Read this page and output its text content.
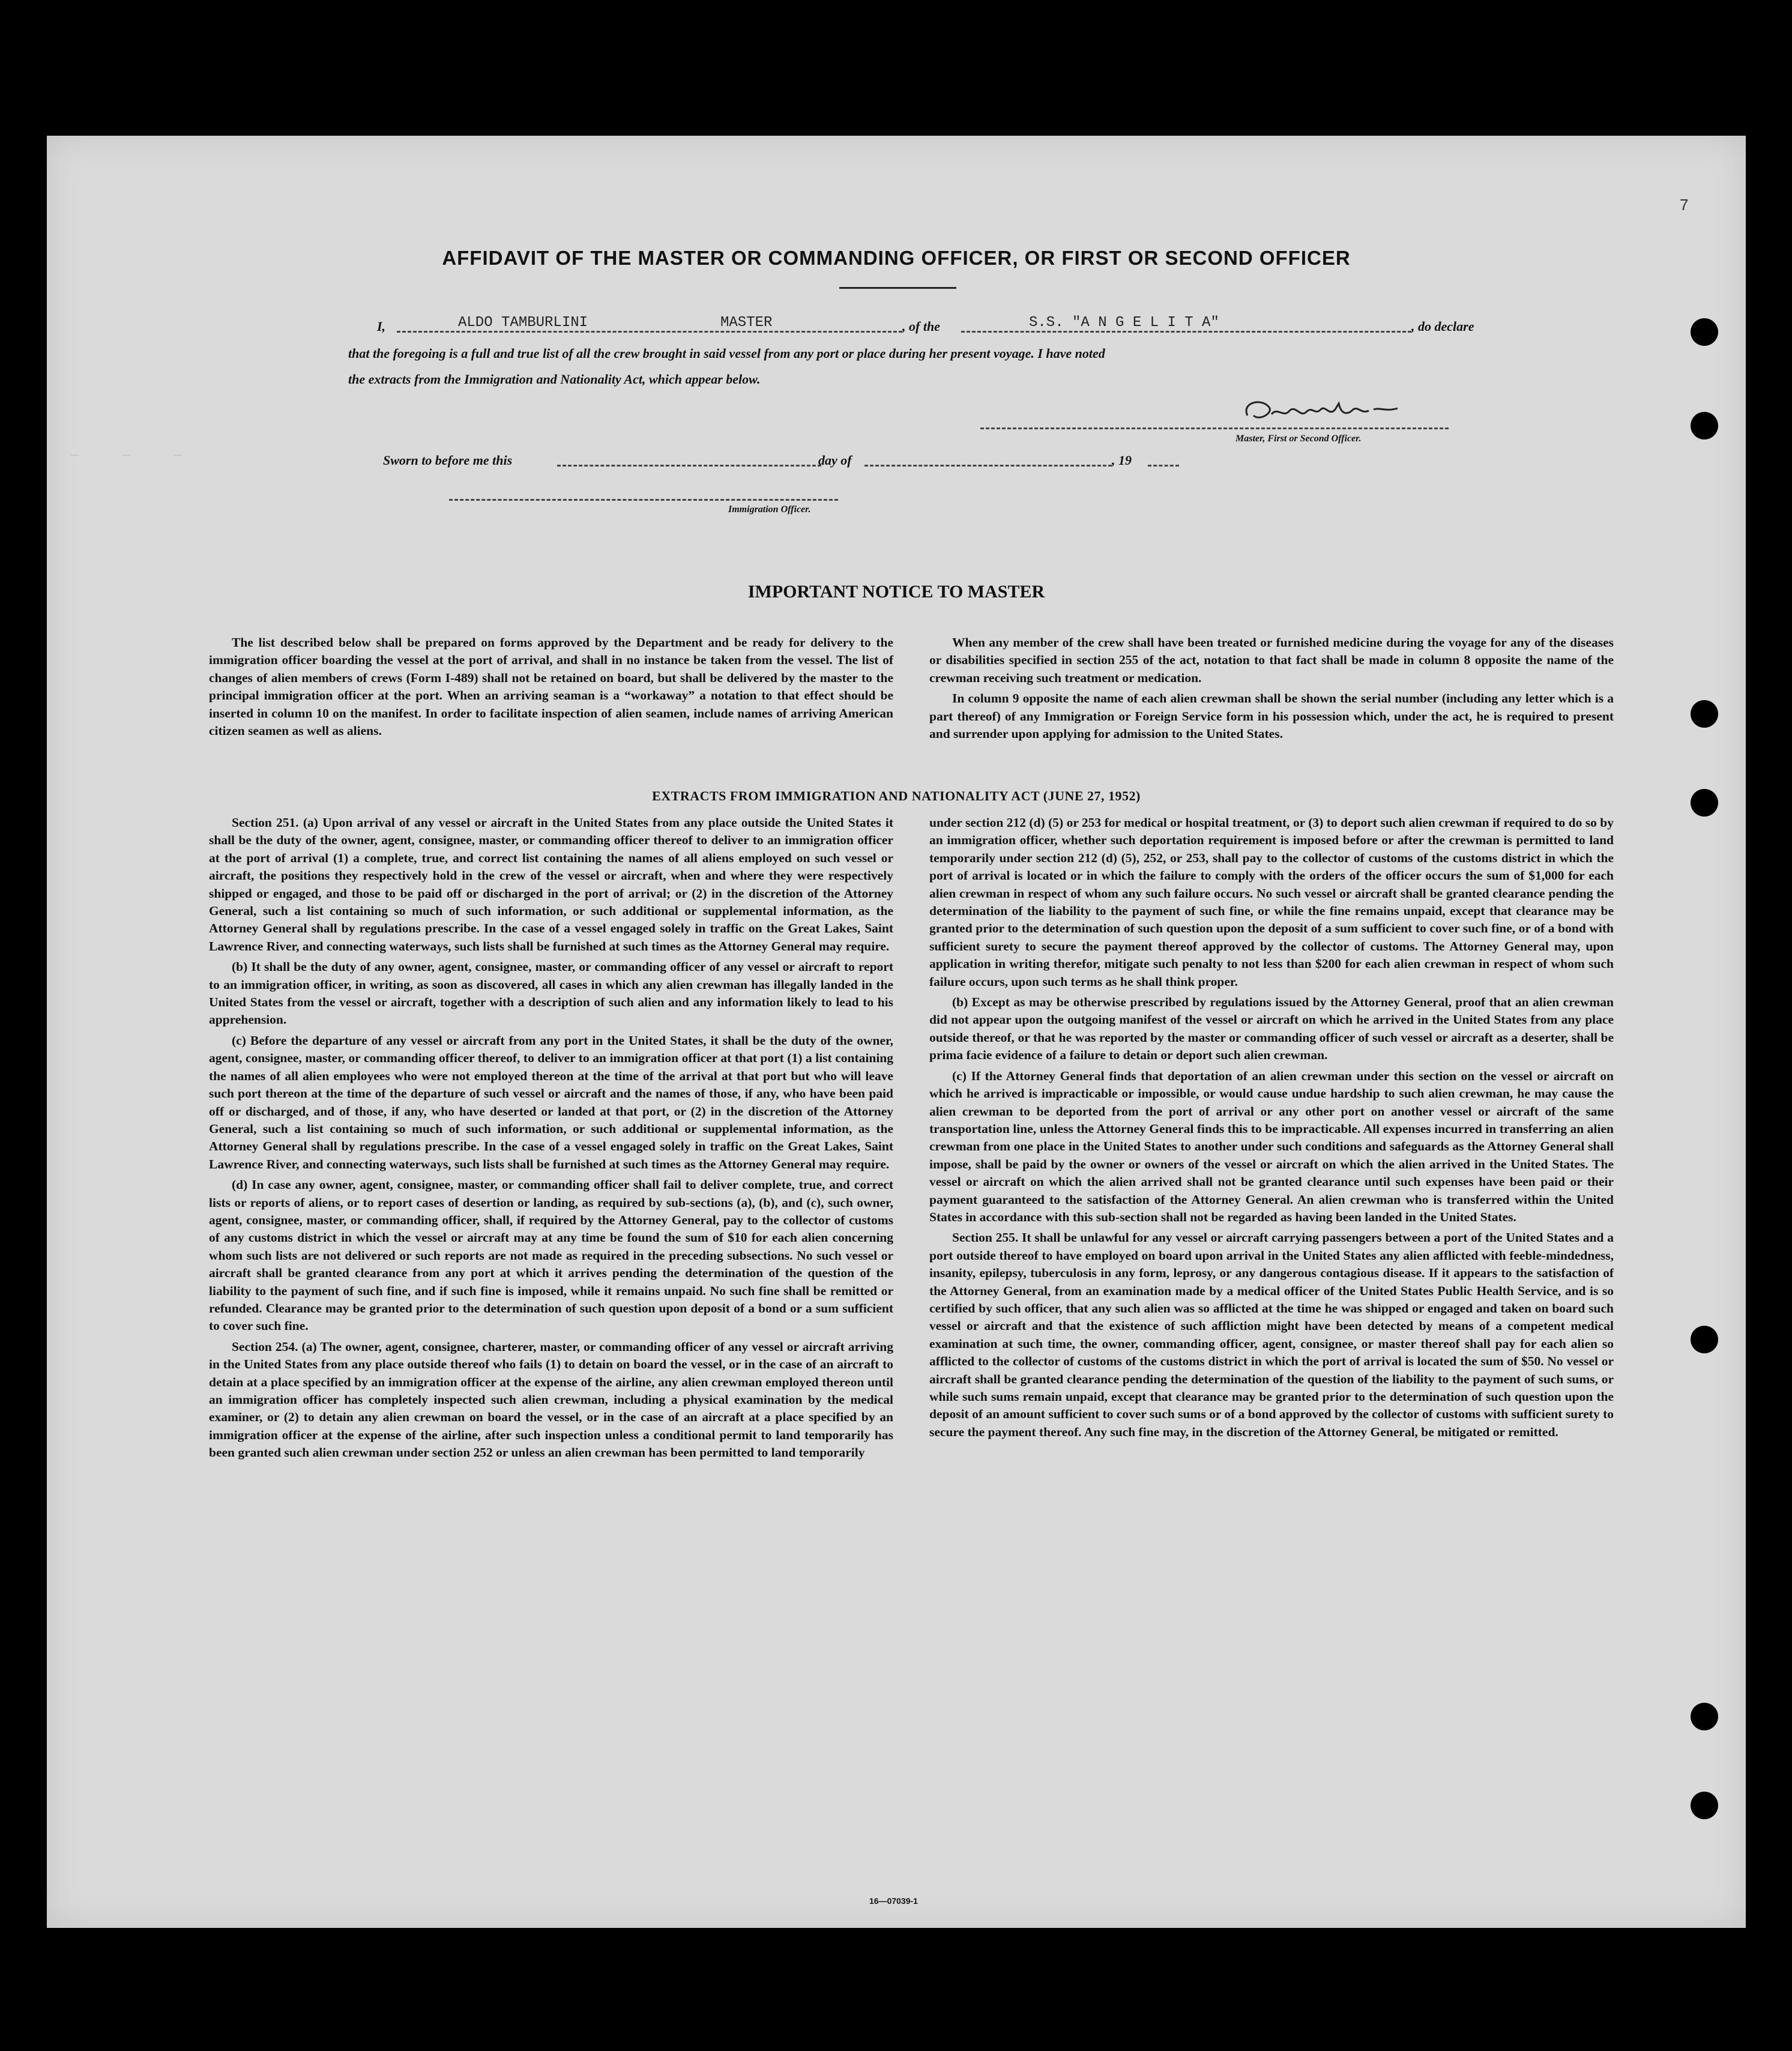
—    —    —
7
AFFIDAVIT OF THE MASTER OR COMMANDING OFFICER, OR FIRST OR SECOND OFFICER
I,	ALDO TAMBURLINI	MASTER	, of the	S.S. "A N G E L I T A"	, do declare
that the foregoing is a full and true list of all the crew brought in said vessel from any port or place during her present voyage. I have noted
the extracts from the Immigration and Nationality Act, which appear below.
Master, First or Second Officer.
Sworn to before me this	day of	, 19
Immigration Officer.
IMPORTANT NOTICE TO MASTER

The list described below shall be prepared on forms approved by the Department and be ready for delivery to the immigration officer boarding the vessel at the port of arrival, and shall in no instance be taken from the vessel. The list of changes of alien members of crews (Form I-489) shall not be retained on board, but shall be delivered by the master to the principal immigration officer at the port. When an arriving seaman is a “workaway” a notation to that effect should be inserted in column 10 on the manifest. In order to facilitate inspection of alien seamen, include names of arriving American citizen seamen as well as aliens.

When any member of the crew shall have been treated or furnished medicine during the voyage for any of the diseases or disabilities specified in section 255 of the act, notation to that fact shall be made in column 8 opposite the name of the crewman receiving such treatment or medication.

In column 9 opposite the name of each alien crewman shall be shown the serial number (including any letter which is a part thereof) of any Immigration or Foreign Service form in his possession which, under the act, he is required to present and surrender upon applying for admission to the United States.

EXTRACTS FROM IMMIGRATION AND NATIONALITY ACT (JUNE 27, 1952)

Section 251. (a) Upon arrival of any vessel or aircraft in the United States from any place outside the United States it shall be the duty of the owner, agent, consignee, master, or commanding officer thereof to deliver to an immigration officer at the port of arrival (1) a complete, true, and correct list containing the names of all aliens employed on such vessel or aircraft, the positions they respectively hold in the crew of the vessel or aircraft, when and where they were respectively shipped or engaged, and those to be paid off or discharged in the port of arrival; or (2) in the discretion of the Attorney General, such a list containing so much of such information, or such additional or supplemental information, as the Attorney General shall by regulations prescribe. In the case of a vessel engaged solely in traffic on the Great Lakes, Saint Lawrence River, and connecting waterways, such lists shall be furnished at such times as the Attorney General may require.

(b) It shall be the duty of any owner, agent, consignee, master, or commanding officer of any vessel or aircraft to report to an immigration officer, in writing, as soon as discovered, all cases in which any alien crewman has illegally landed in the United States from the vessel or aircraft, together with a description of such alien and any information likely to lead to his apprehension.

(c) Before the departure of any vessel or aircraft from any port in the United States, it shall be the duty of the owner, agent, consignee, master, or commanding officer thereof, to deliver to an immigration officer at that port (1) a list containing the names of all alien employees who were not employed thereon at the time of the arrival at that port but who will leave such port thereon at the time of the departure of such vessel or aircraft and the names of those, if any, who have been paid off or discharged, and of those, if any, who have deserted or landed at that port, or (2) in the discretion of the Attorney General, such a list containing so much of such information, or such additional or supplemental information, as the Attorney General shall by regulations prescribe. In the case of a vessel engaged solely in traffic on the Great Lakes, Saint Lawrence River, and connecting waterways, such lists shall be furnished at such times as the Attorney General may require.

(d) In case any owner, agent, consignee, master, or commanding officer shall fail to deliver complete, true, and correct lists or reports of aliens, or to report cases of desertion or landing, as required by sub-sections (a), (b), and (c), such owner, agent, consignee, master, or commanding officer, shall, if required by the Attorney General, pay to the collector of customs of any customs district in which the vessel or aircraft may at any time be found the sum of $10 for each alien concerning whom such lists are not delivered or such reports are not made as required in the preceding subsections. No such vessel or aircraft shall be granted clearance from any port at which it arrives pending the determination of the question of the liability to the payment of such fine, and if such fine is imposed, while it remains unpaid. No such fine shall be remitted or refunded. Clearance may be granted prior to the determination of such question upon deposit of a bond or a sum sufficient to cover such fine.

Section 254. (a) The owner, agent, consignee, charterer, master, or commanding officer of any vessel or aircraft arriving in the United States from any place outside thereof who fails (1) to detain on board the vessel, or in the case of an aircraft to detain at a place specified by an immigration officer at the expense of the airline, any alien crewman employed thereon until an immigration officer has completely inspected such alien crewman, including a physical examination by the medical examiner, or (2) to detain any alien crewman on board the vessel, or in the case of an aircraft at a place specified by an immigration officer at the expense of the airline, after such inspection unless a conditional permit to land temporarily has been granted such alien crewman under section 252 or unless an alien crewman has been permitted to land temporarily

under section 212 (d) (5) or 253 for medical or hospital treatment, or (3) to deport such alien crewman if required to do so by an immigration officer, whether such deportation requirement is imposed before or after the crewman is permitted to land temporarily under section 212 (d) (5), 252, or 253, shall pay to the collector of customs of the customs district in which the port of arrival is located or in which the failure to comply with the orders of the officer occurs the sum of $1,000 for each alien crewman in respect of whom any such failure occurs. No such vessel or aircraft shall be granted clearance pending the determination of the liability to the payment of such fine, or while the fine remains unpaid, except that clearance may be granted prior to the determination of such question upon the deposit of a sum sufficient to cover such fine, or of a bond with sufficient surety to secure the payment thereof approved by the collector of customs. The Attorney General may, upon application in writing therefor, mitigate such penalty to not less than $200 for each alien crewman in respect of whom such failure occurs, upon such terms as he shall think proper.

(b) Except as may be otherwise prescribed by regulations issued by the Attorney General, proof that an alien crewman did not appear upon the outgoing manifest of the vessel or aircraft on which he arrived in the United States from any place outside thereof, or that he was reported by the master or commanding officer of such vessel or aircraft as a deserter, shall be prima facie evidence of a failure to detain or deport such alien crewman.

(c) If the Attorney General finds that deportation of an alien crewman under this section on the vessel or aircraft on which he arrived is impracticable or impossible, or would cause undue hardship to such alien crewman, he may cause the alien crewman to be deported from the port of arrival or any other port on another vessel or aircraft of the same transportation line, unless the Attorney General finds this to be impracticable. All expenses incurred in transferring an alien crewman from one place in the United States to another under such conditions and safeguards as the Attorney General shall impose, shall be paid by the owner or owners of the vessel or aircraft on which the alien arrived in the United States. The vessel or aircraft on which the alien arrived shall not be granted clearance until such expenses have been paid or their payment guaranteed to the satisfaction of the Attorney General. An alien crewman who is transferred within the United States in accordance with this sub-section shall not be regarded as having been landed in the United States.

Section 255. It shall be unlawful for any vessel or aircraft carrying passengers between a port of the United States and a port outside thereof to have employed on board upon arrival in the United States any alien afflicted with feeble-mindedness, insanity, epilepsy, tuberculosis in any form, leprosy, or any dangerous contagious disease. If it appears to the satisfaction of the Attorney General, from an examination made by a medical officer of the United States Public Health Service, and is so certified by such officer, that any such alien was so afflicted at the time he was shipped or engaged and taken on board such vessel or aircraft and that the existence of such affliction might have been detected by means of a competent medical examination at such time, the owner, commanding officer, agent, consignee, or master thereof shall pay for each alien so afflicted to the collector of customs of the customs district in which the port of arrival is located the sum of $50. No vessel or aircraft shall be granted clearance pending the determination of the question of the liability to the payment of such sums, or while such sums remain unpaid, except that clearance may be granted prior to the determination of such question upon the deposit of an amount sufficient to cover such sums or of a bond approved by the collector of customs with sufficient surety to secure the payment thereof. Any such fine may, in the discretion of the Attorney General, be mitigated or remitted.

16—07039-1
